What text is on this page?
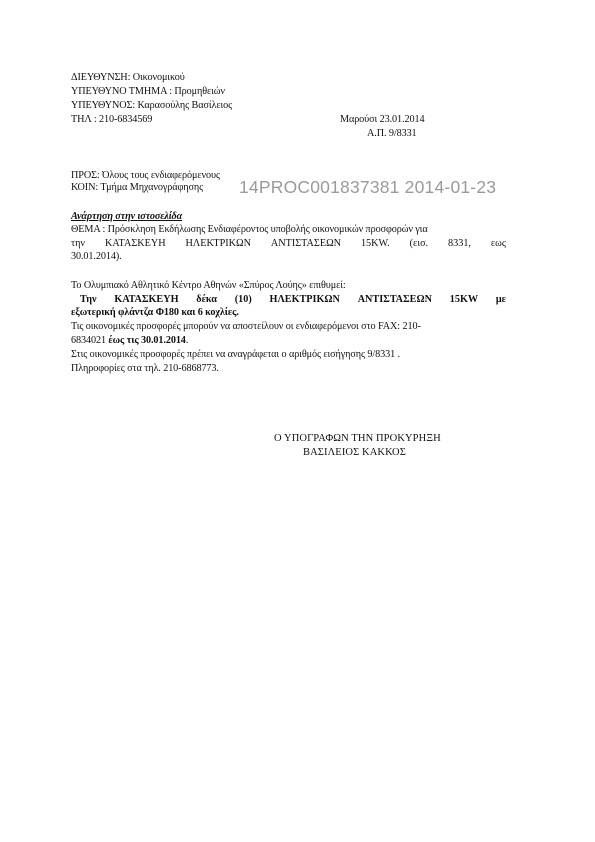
ΔΙΕΥΘΥΝΣΗ: Οικονομικού
ΥΠΕΥΘΥΝΟ ΤΜΗΜΑ : Προμηθειών
ΥΠΕΥΘΥΝΟΣ: Καρασούλης Βασίλειος
ΤΗΛ : 210-6834569	Μαρούσι 23.01.2014
Α.Π. 9/8331
ΠΡΟΣ: Όλους τους ενδιαφερόμενους
ΚΟΙΝ: Τμήμα Μηχανογράφησης 14PROC001837381 2014-01-23
Ανάρτηση στην ιστοσελίδα
ΘΕΜΑ : Πρόσκληση Εκδήλωσης Ενδιαφέροντος υποβολής οικονομικών προσφορών για
την ΚΑΤΑΣΚΕΥΗ ΗΛΕΚΤΡΙΚΩΝ ΑΝΤΙΣΤΑΣΕΩΝ 15KW. (εισ. 8331, εως
30.01.2014).
Το Ολυμπιακό Αθλητικό Κέντρο Αθηνών «Σπύρος Λούης» επιθυμεί:
Την ΚΑΤΑΣΚΕΥΗ δέκα (10) ΗΛΕΚΤΡΙΚΩΝ ΑΝΤΙΣΤΑΣΕΩΝ 15KW με
εξωτερική φλάντζα Φ180 και 6 κοχλίες.
Τις οικονομικές προσφορές μπορούν να αποστείλουν οι ενδιαφερόμενοι στο FAX: 210-
6834021 έως τις 30.01.2014.
Στις οικονομικές προσφορές πρέπει να αναγράφεται ο αριθμός εισήγησης 9/8331 .
Πληροφορίες στα τηλ. 210-6868773.
Ο ΥΠΟΓΡΑΦΩΝ ΤΗΝ ΠΡΟΚΥΡΗΞΗ
ΒΑΣΙΛΕΙΟΣ ΚΑΚΚΟΣ
